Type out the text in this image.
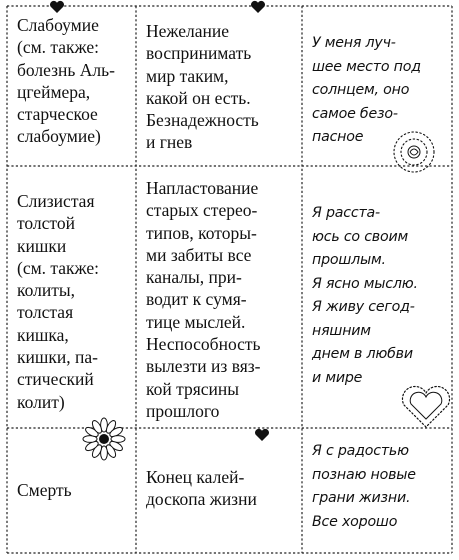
Слабоумие
(см. также:
болезнь Аль-
цгеймера,
старческое
слабоумие)
Нежелание
воспринимать
мир таким,
какой он есть.
Безнадежность
и гнев
У меня луч-
шее место под
солнцем, оно
самое безо-
пасное
Слизистая
толстой
кишки
(см. также:
колиты,
толстая
кишка,
кишки, па-
стический
колит)
Напластование
старых стерео-
типов, которы-
ми забиты все
каналы, при-
водит к сумя-
тице мыслей.
Неспособность
вылезти из вяз-
кой трясины
прошлого
Я расста-
юсь со своим
прошлым.
Я ясно мыслю.
Я живу сегод-
няшним
днем в любви
и мире
Смерть
Конец калей-
доскопа жизни
Я с радостью
познаю новые
грани жизни.
Все хорошо
